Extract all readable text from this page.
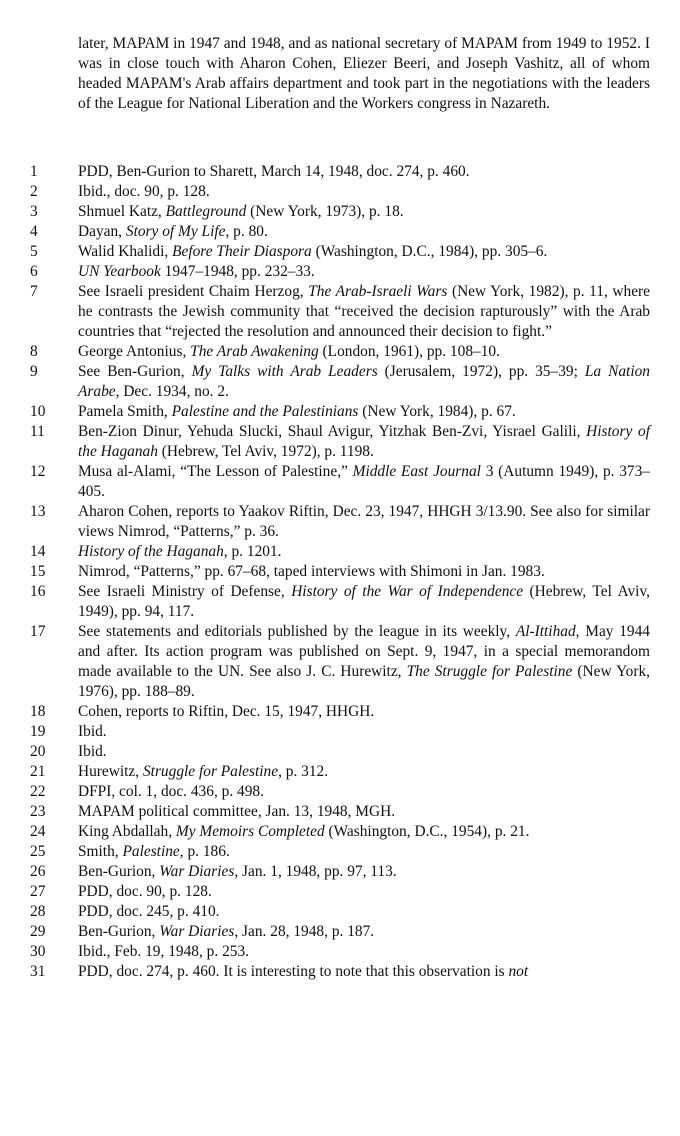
later, MAPAM in 1947 and 1948, and as national secretary of MAPAM from 1949 to 1952. I was in close touch with Aharon Cohen, Eliezer Beeri, and Joseph Vashitz, all of whom headed MAPAM's Arab affairs department and took part in the negotiations with the leaders of the League for National Liberation and the Workers congress in Nazareth.

1	PDD, Ben-Gurion to Sharett, March 14, 1948, doc. 274, p. 460.
2	Ibid., doc. 90, p. 128.
3	Shmuel Katz, Battleground (New York, 1973), p. 18.
4	Dayan, Story of My Life, p. 80.
5	Walid Khalidi, Before Their Diaspora (Washington, D.C., 1984), pp. 305–6.
6	UN Yearbook 1947–1948, pp. 232–33.
7	See Israeli president Chaim Herzog, The Arab-Israeli Wars (New York, 1982), p. 11, where he contrasts the Jewish community that “received the decision rapturously” with the Arab countries that “rejected the resolution and announced their decision to fight.”
8	George Antonius, The Arab Awakening (London, 1961), pp. 108–10.
9	See Ben-Gurion, My Talks with Arab Leaders (Jerusalem, 1972), pp. 35–39; La Nation Arabe, Dec. 1934, no. 2.
10	Pamela Smith, Palestine and the Palestinians (New York, 1984), p. 67.
11	Ben-Zion Dinur, Yehuda Slucki, Shaul Avigur, Yitzhak Ben-Zvi, Yisrael Galili, History of the Haganah (Hebrew, Tel Aviv, 1972), p. 1198.
12	Musa al-Alami, “The Lesson of Palestine,” Middle East Journal 3 (Autumn 1949), p. 373–405.
13	Aharon Cohen, reports to Yaakov Riftin, Dec. 23, 1947, HHGH 3/13.90. See also for similar views Nimrod, “Patterns,” p. 36.
14	History of the Haganah, p. 1201.
15	Nimrod, “Patterns,” pp. 67–68, taped interviews with Shimoni in Jan. 1983.
16	See Israeli Ministry of Defense, History of the War of Independence (Hebrew, Tel Aviv, 1949), pp. 94, 117.
17	See statements and editorials published by the league in its weekly, Al-Ittihad, May 1944 and after. Its action program was published on Sept. 9, 1947, in a special memorandom made available to the UN. See also J. C. Hurewitz, The Struggle for Palestine (New York, 1976), pp. 188–89.
18	Cohen, reports to Riftin, Dec. 15, 1947, HHGH.
19	Ibid.
20	Ibid.
21	Hurewitz, Struggle for Palestine, p. 312.
22	DFPI, col. 1, doc. 436, p. 498.
23	MAPAM political committee, Jan. 13, 1948, MGH.
24	King Abdallah, My Memoirs Completed (Washington, D.C., 1954), p. 21.
25	Smith, Palestine, p. 186.
26	Ben-Gurion, War Diaries, Jan. 1, 1948, pp. 97, 113.
27	PDD, doc. 90, p. 128.
28	PDD, doc. 245, p. 410.
29	Ben-Gurion, War Diaries, Jan. 28, 1948, p. 187.
30	Ibid., Feb. 19, 1948, p. 253.
31	PDD, doc. 274, p. 460. It is interesting to note that this observation is not
